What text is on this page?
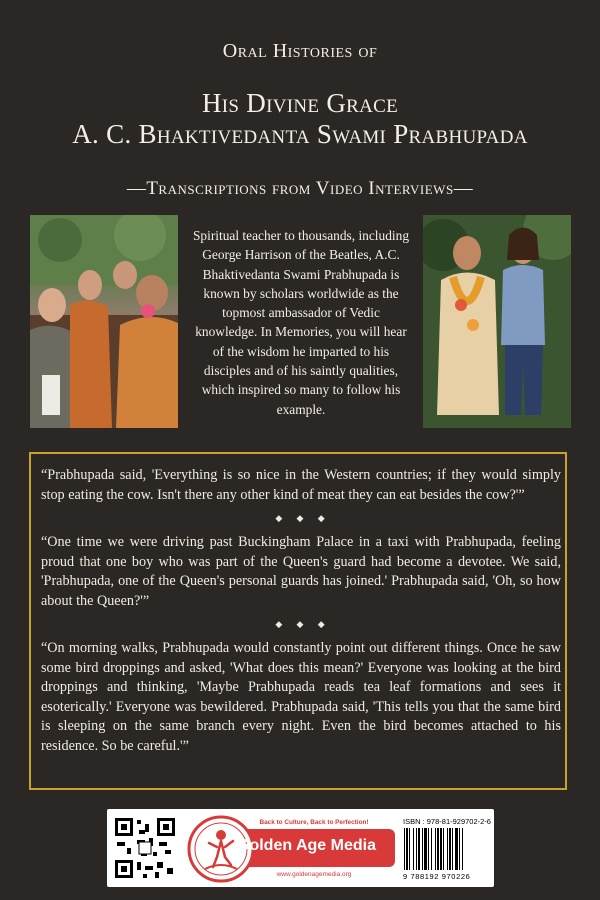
Oral Histories of
His Divine Grace
A. C. Bhaktivedanta Swami Prabhupada
—Transcriptions from Video Interviews—
Spiritual teacher to thousands, including George Harrison of the Beatles, A.C. Bhaktivedanta Swami Prabhupada is known by scholars worldwide as the topmost ambassador of Vedic knowledge. In Memories, you will hear of the wisdom he imparted to his disciples and of his saintly qualities, which inspired so many to follow his example.
“Prabhupada said, 'Everything is so nice in the Western countries; if they would simply stop eating the cow. Isn't there any other kind of meat they can eat besides the cow?'”
◆ ◆ ◆
“One time we were driving past Buckingham Palace in a taxi with Prabhupada, feeling proud that one boy who was part of the Queen's guard had become a devotee. We said, 'Prabhupada, one of the Queen's personal guards has joined.' Prabhupada said, 'Oh, so how about the Queen?'”
◆ ◆ ◆
“On morning walks, Prabhupada would constantly point out different things. Once he saw some bird droppings and asked, 'What does this mean?' Everyone was looking at the bird droppings and thinking, 'Maybe Prabhupada reads tea leaf formations and sees it esoterically.' Everyone was bewildered. Prabhupada said, 'This tells you that the same bird is sleeping on the same branch every night. Even the bird becomes attached to his residence. So be careful.'”
Back to Culture, Back to Perfection!
Golden Age Media
www.goldenagemedia.org
ISBN : 978-81-929702-2-6
9 788192 970226
